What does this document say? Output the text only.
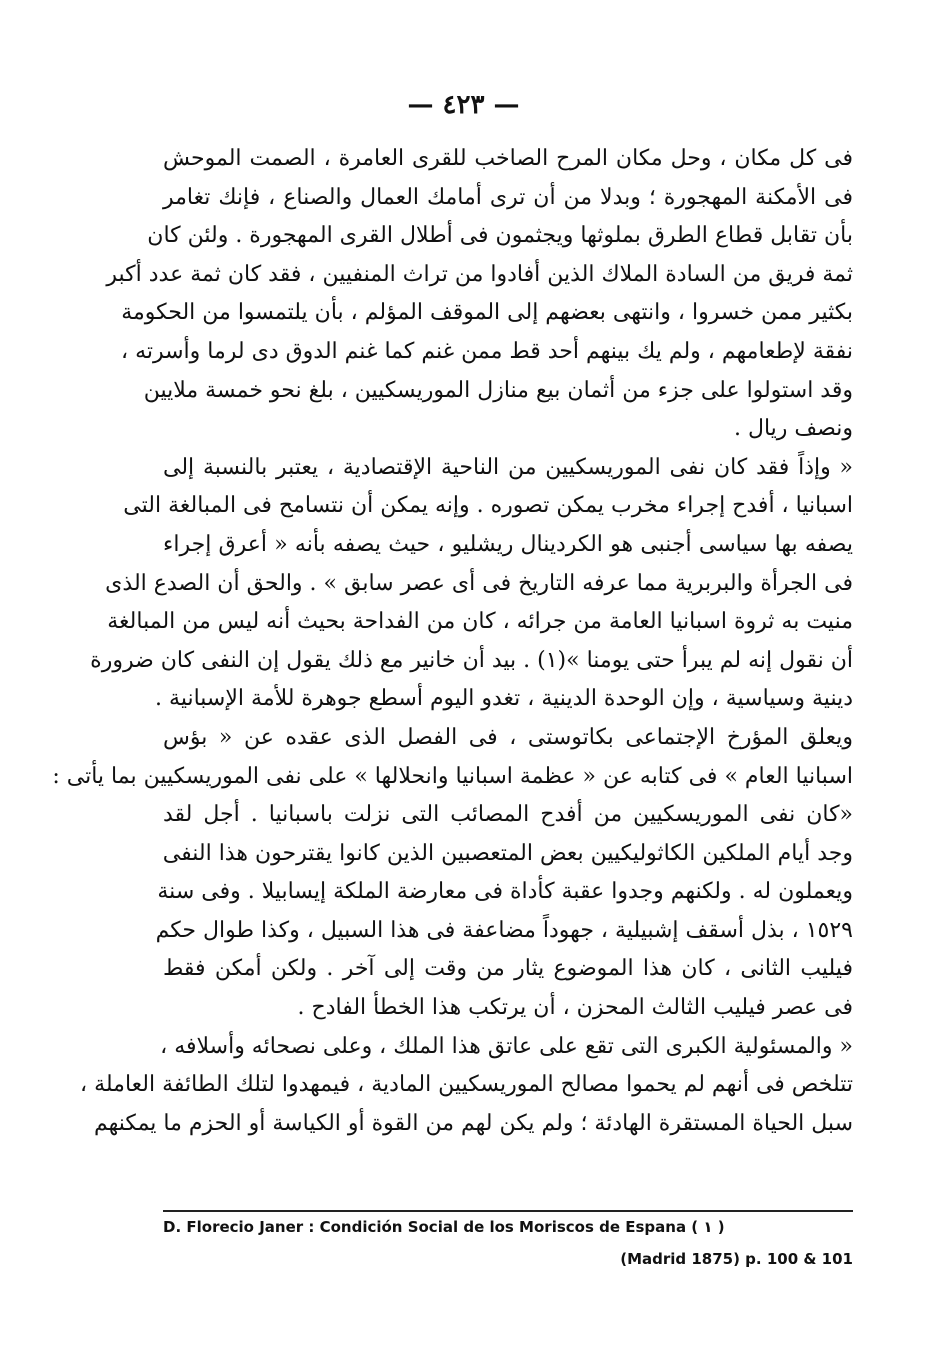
— ٤٢٣ —
فى كل مكان ، وحل مكان المرح الصاخب للقرى العامرة ، الصمت الموحش
فى الأمكنة المهجورة ؛ وبدلا من أن ترى أمامك العمال والصناع ، فإنك تغامر
بأن تقابل قطاع الطرق بملوثها ويجثمون فى أطلال القرى المهجورة . ولئن كان
ثمة فريق من السادة الملاك الذين أفادوا من تراث المنفيين ، فقد كان ثمة عدد أكبر
بكثير ممن خسروا ، وانتهى بعضهم إلى الموقف المؤلم ، بأن يلتمسوا من الحكومة
نفقة لإطعامهم ، ولم يك بينهم أحد قط ممن غنم كما غنم الدوق دى لرما وأسرته ،
وقد استولوا على جزء من أثمان بيع منازل الموريسكيين ، بلغ نحو خمسة ملايين
ونصف ريال .
« وإذاً فقد كان نفى الموريسكيين من الناحية الإقتصادية ، يعتبر بالنسبة إلى
اسبانيا ، أفدح إجراء مخرب يمكن تصوره . وإنه يمكن أن نتسامح فى المبالغة التى
يصفه بها سياسى أجنبى هو الكردينال ريشليو ، حيث يصفه بأنه « أعرق إجراء
فى الجرأة والبربرية مما عرفه التاريخ فى أى عصر سابق » . والحق أن الصدع الذى
منيت به ثروة اسبانيا العامة من جرائه ، كان من الفداحة بحيث أنه ليس من المبالغة
أن نقول إنه لم يبرأ حتى يومنا »(١) . بيد أن خانير مع ذلك يقول إن النفى كان ضرورة
دينية وسياسية ، وإن الوحدة الدينية ، تغدو اليوم أسطع جوهرة للأمة الإسبانية .
ويعلق المؤرخ الإجتماعى بكاتوستى ، فى الفصل الذى عقده عن « بؤس
اسبانيا العام » فى كتابه عن « عظمة اسبانيا وانحلالها » على نفى الموريسكيين بما يأتى :
«كان نفى الموريسكيين من أفدح المصائب التى نزلت باسبانيا . أجل لقد
وجد أيام الملكين الكاثوليكيين بعض المتعصبين الذين كانوا يقترحون هذا النفى
ويعملون له . ولكنهم وجدوا عقبة كأداة فى معارضة الملكة إيسابيلا . وفى سنة
١٥٢٩ ، بذل أسقف إشبيلية ، جهوداً مضاعفة فى هذا السبيل ، وكذا طوال حكم
فيليب الثانى ، كان هذا الموضوع يثار من وقت إلى آخر . ولكن أمكن فقط
فى عصر فيليب الثالث المحزن ، أن يرتكب هذا الخطأ الفادح .
« والمسئولية الكبرى التى تقع على عاتق هذا الملك ، وعلى نصحائه وأسلافه ،
تتلخص فى أنهم لم يحموا مصالح الموريسكيين المادية ، فيمهدوا لتلك الطائفة العاملة ،
سبل الحياة المستقرة الهادئة ؛ ولم يكن لهم من القوة أو الكياسة أو الحزم ما يمكنهم
D. Florecio Janer : Condición Social de los Moriscos de Espana ( ١ )
(Madrid 1875) p. 100 & 101
